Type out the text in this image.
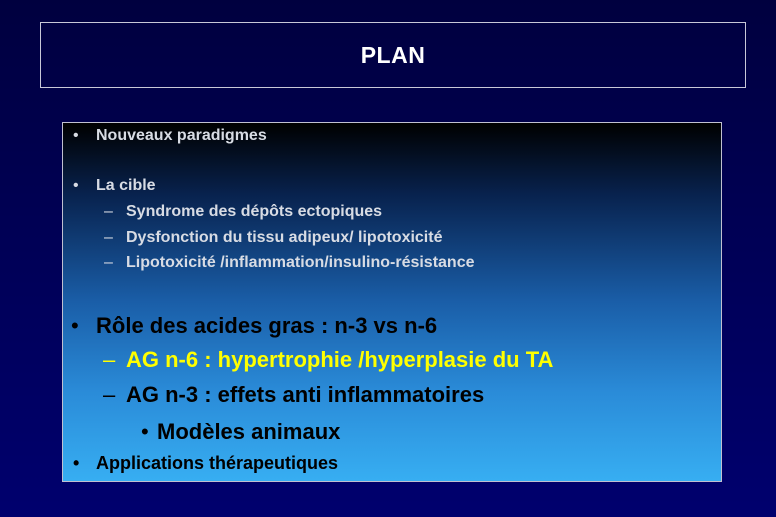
PLAN
• Nouveaux paradigmes
• La cible
– Syndrome des dépôts ectopiques
– Dysfonction du tissu adipeux/ lipotoxicité
– Lipotoxicité /inflammation/insulino-résistance
• Rôle des acides gras : n-3 vs n-6
– AG n-6 : hypertrophie /hyperplasie du TA
– AG n-3 : effets anti inflammatoires
• Modèles animaux
• Applications thérapeutiques
